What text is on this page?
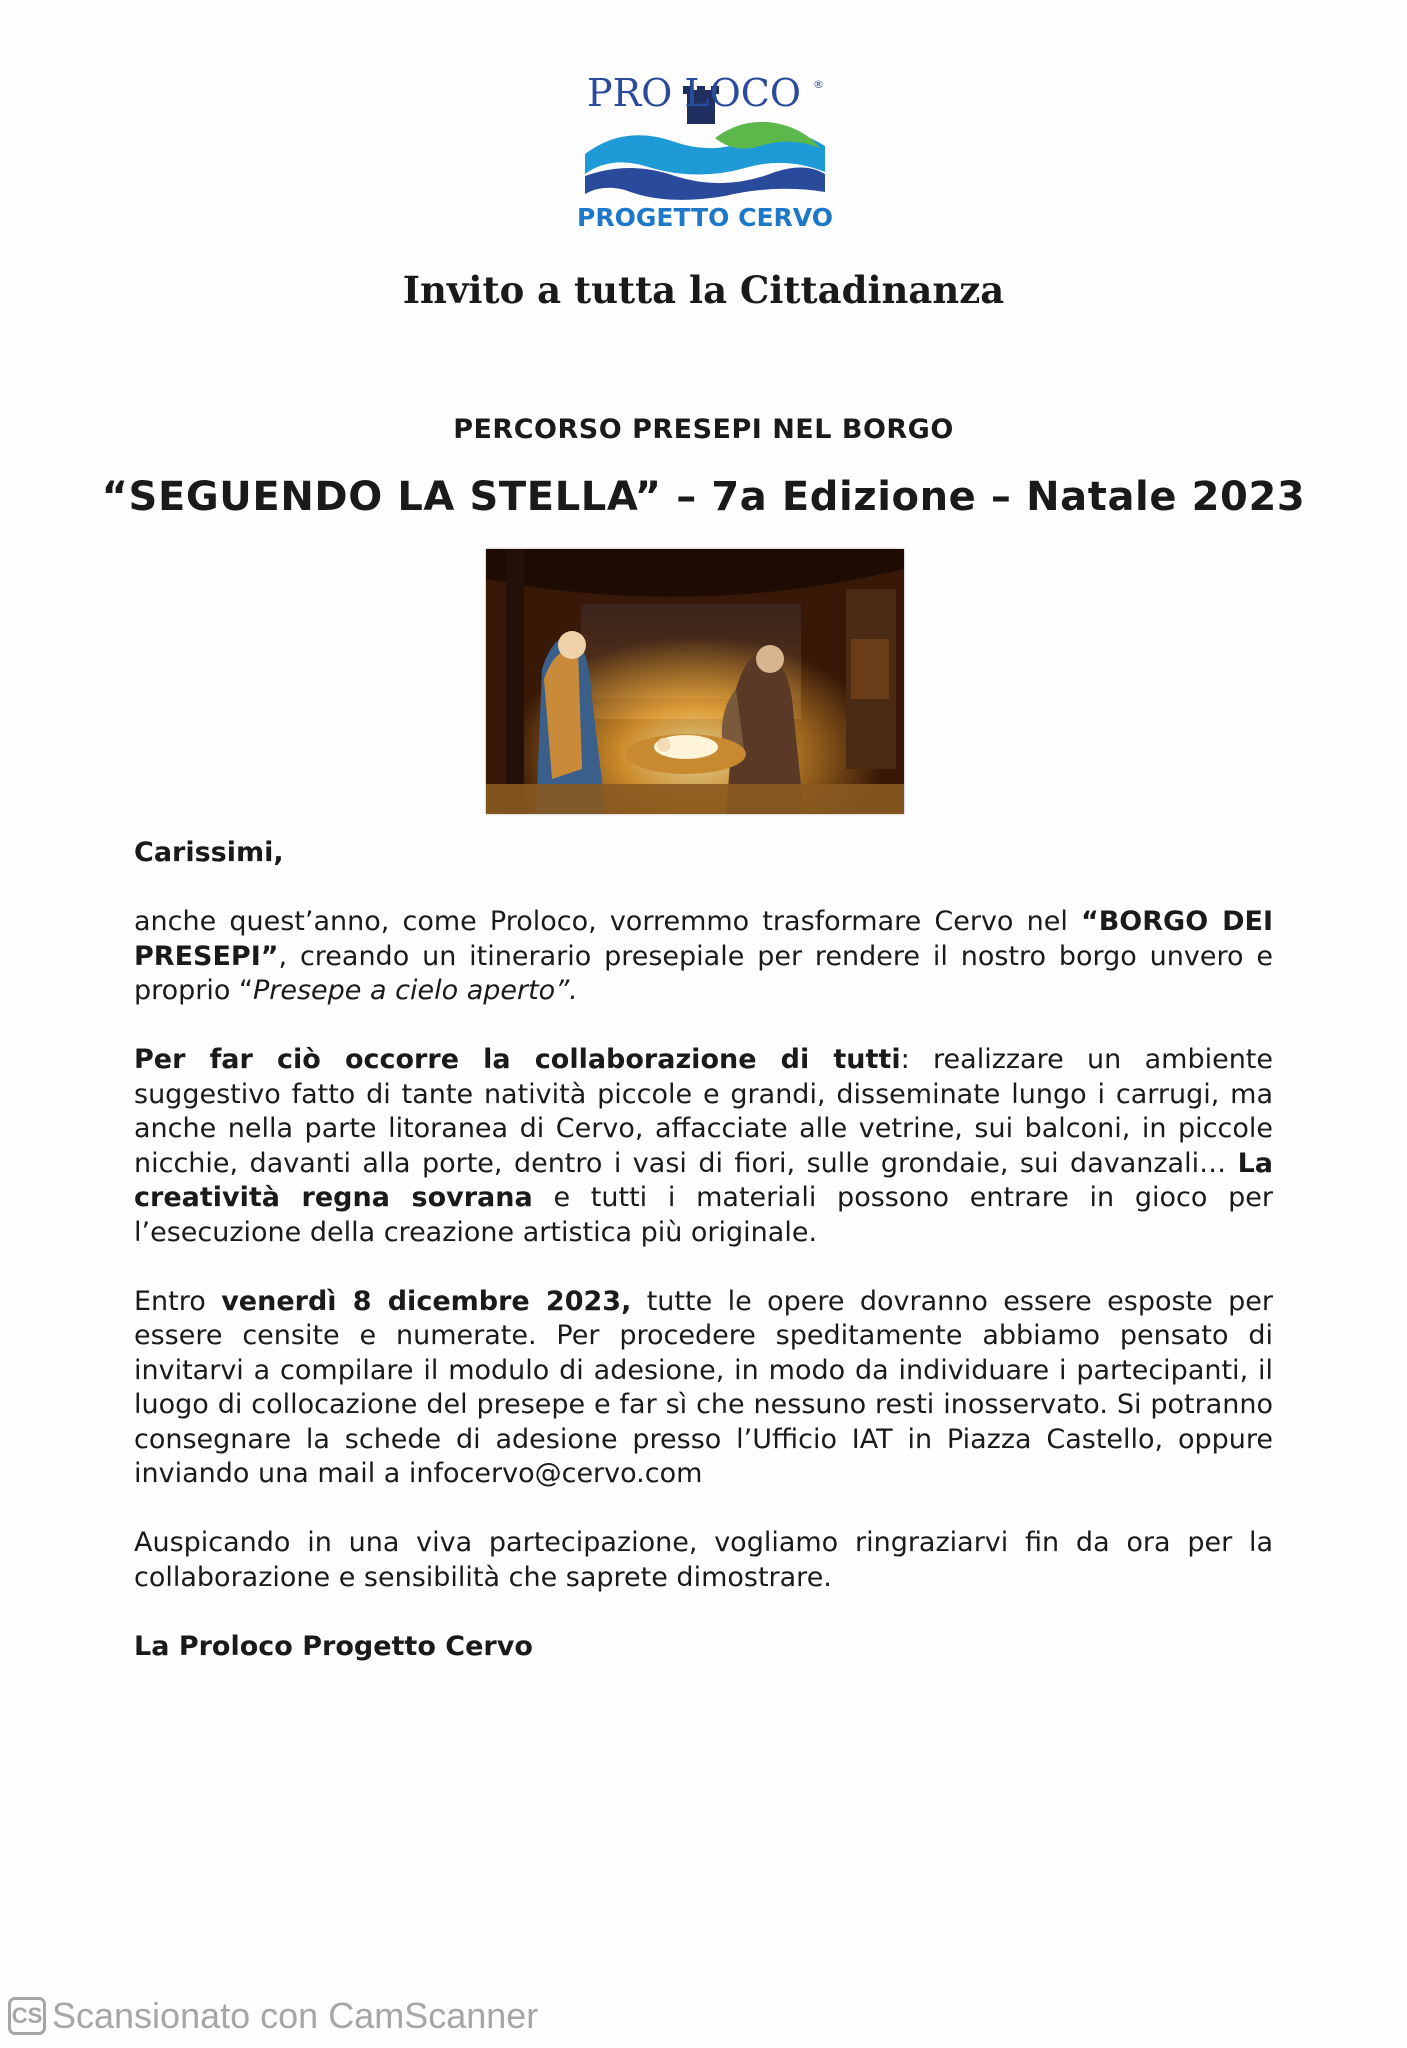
PRO LOCO ®
PROGETTO CERVO
Invito a tutta la Cittadinanza
PERCORSO PRESEPI NEL BORGO
“SEGUENDO LA STELLA” – 7a Edizione – Natale 2023

Carissimi,

anche quest’anno, come Proloco, vorremmo trasformare Cervo nel “BORGO DEI PRESEPI”, creando un itinerario presepiale per rendere il nostro borgo unvero e proprio “Presepe a cielo aperto”.

Per far ciò occorre la collaborazione di tutti: realizzare un ambiente suggestivo fatto di tante natività piccole e grandi, disseminate lungo i carrugi, ma anche nella parte litoranea di Cervo, affacciate alle vetrine, sui balconi, in piccole nicchie, davanti alla porte, dentro i vasi di fiori, sulle grondaie, sui davanzali… La creatività regna sovrana e tutti i materiali possono entrare in gioco per l’esecuzione della creazione artistica più originale.

Entro venerdì 8 dicembre 2023, tutte le opere dovranno essere esposte per essere censite e numerate. Per procedere speditamente abbiamo pensato di invitarvi a compilare il modulo di adesione, in modo da individuare i partecipanti, il luogo di collocazione del presepe e far sì che nessuno resti inosservato. Si potranno consegnare la schede di adesione presso l’Ufficio IAT in Piazza Castello, oppure inviando una mail a infocervo@cervo.com

Auspicando in una viva partecipazione, vogliamo ringraziarvi fin da ora per la collaborazione e sensibilità che saprete dimostrare.

La Proloco Progetto Cervo

CS Scansionato con CamScanner
